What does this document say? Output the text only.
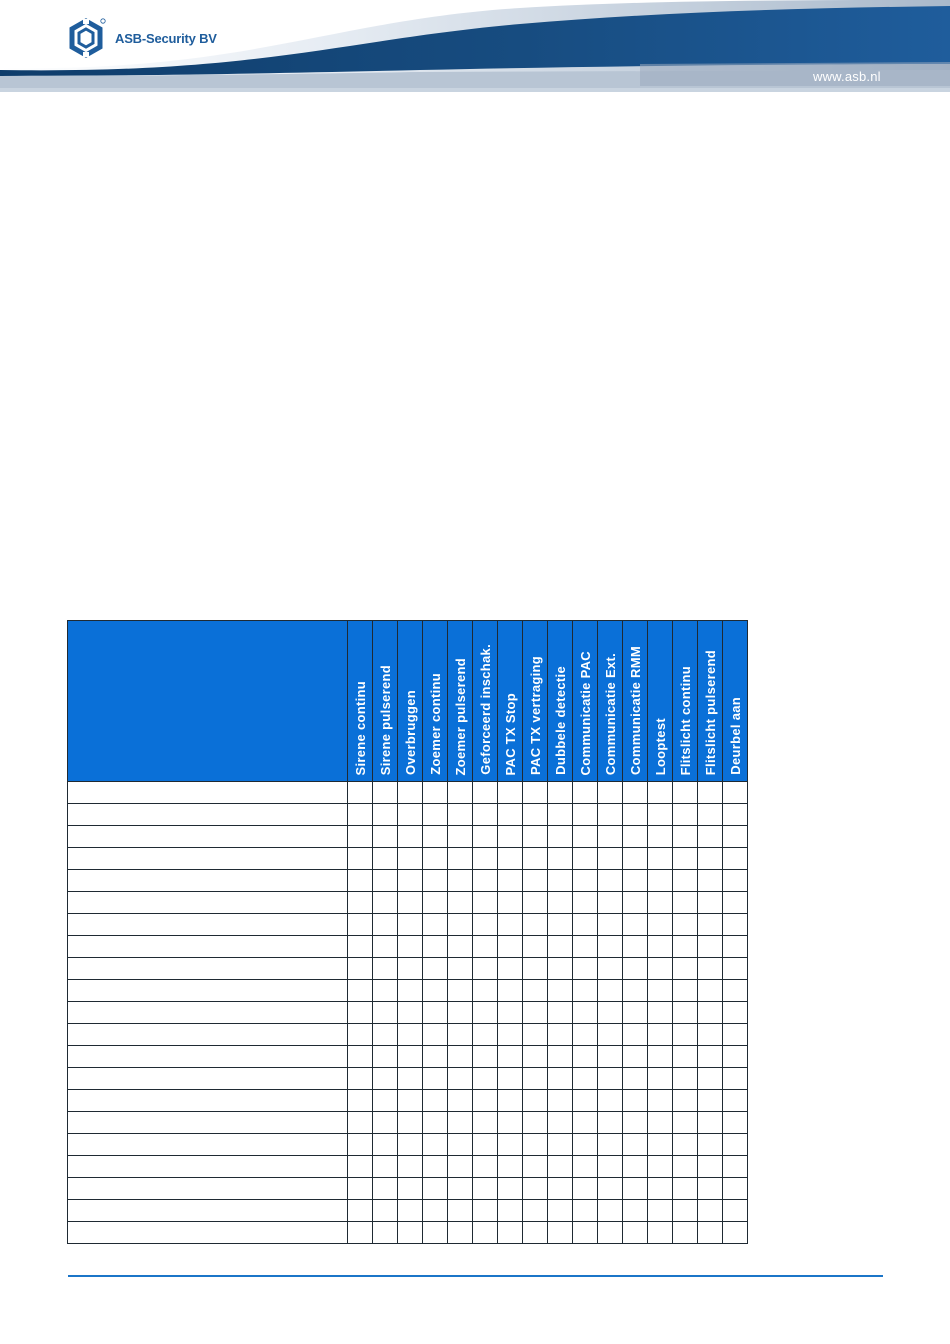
ASB-Security BV
www.asb.nl

	Sirene continu	Sirene pulserend	Overbruggen	Zoemer continu	Zoemer pulserend	Geforceerd inschak.	PAC TX Stop	PAC TX vertraging	Dubbele detectie	Communicatie PAC	Communicatie Ext.	Communicatie RMM	Looptest	Flitslicht continu	Flitslicht pulserend	Deurbel aan
